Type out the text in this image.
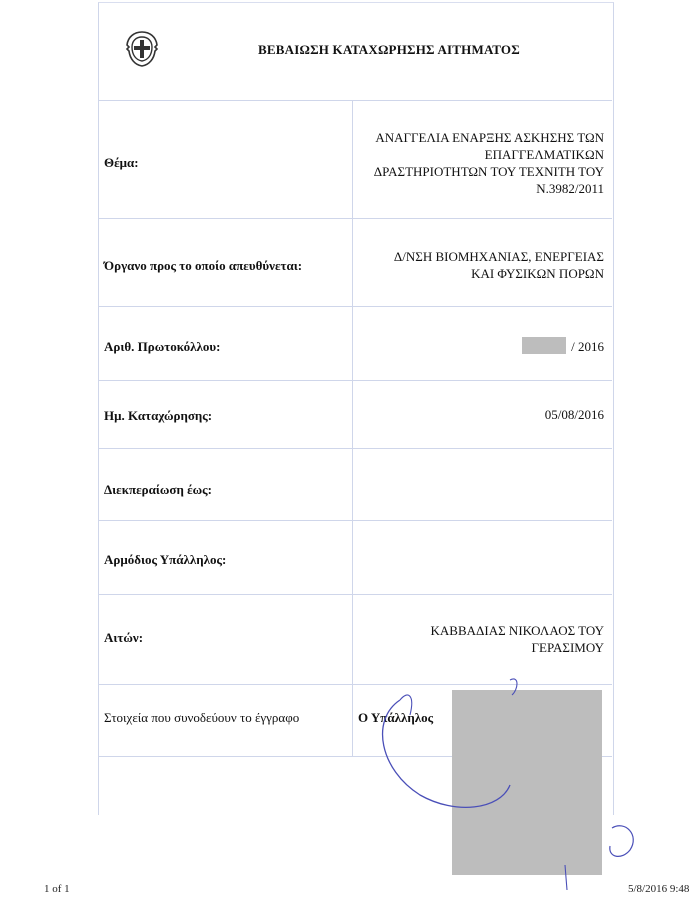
ΒΕΒΑΙΩΣΗ ΚΑΤΑΧΩΡΗΣΗΣ ΑΙΤΗΜΑΤΟΣ
Θέμα:
ΑΝΑΓΓΕΛΙΑ ΕΝΑΡΞΗΣ ΑΣΚΗΣΗΣ ΤΩΝ
ΕΠΑΓΓΕΛΜΑΤΙΚΩΝ
ΔΡΑΣΤΗΡΙΟΤΗΤΩΝ ΤΟΥ ΤΕΧΝΙΤΗ ΤΟΥ
Ν.3982/2011
Όργανο προς το οποίο απευθύνεται:
Δ/ΝΣΗ ΒΙΟΜΗΧΑΝΙΑΣ, ΕΝΕΡΓΕΙΑΣ
ΚΑΙ ΦΥΣΙΚΩΝ ΠΟΡΩΝ
Αριθ. Πρωτοκόλλου:	/ 2016
Ημ. Καταχώρησης:	05/08/2016
Διεκπεραίωση έως:
Αρμόδιος Υπάλληλος:
Αιτών:	ΚΑΒΒΑΔΙΑΣ ΝΙΚΟΛΑΟΣ ΤΟΥ
ΓΕΡΑΣΙΜΟΥ
Στοιχεία που συνοδεύουν το έγγραφο	Ο Υπάλληλος
1 of 1	5/8/2016 9:48
